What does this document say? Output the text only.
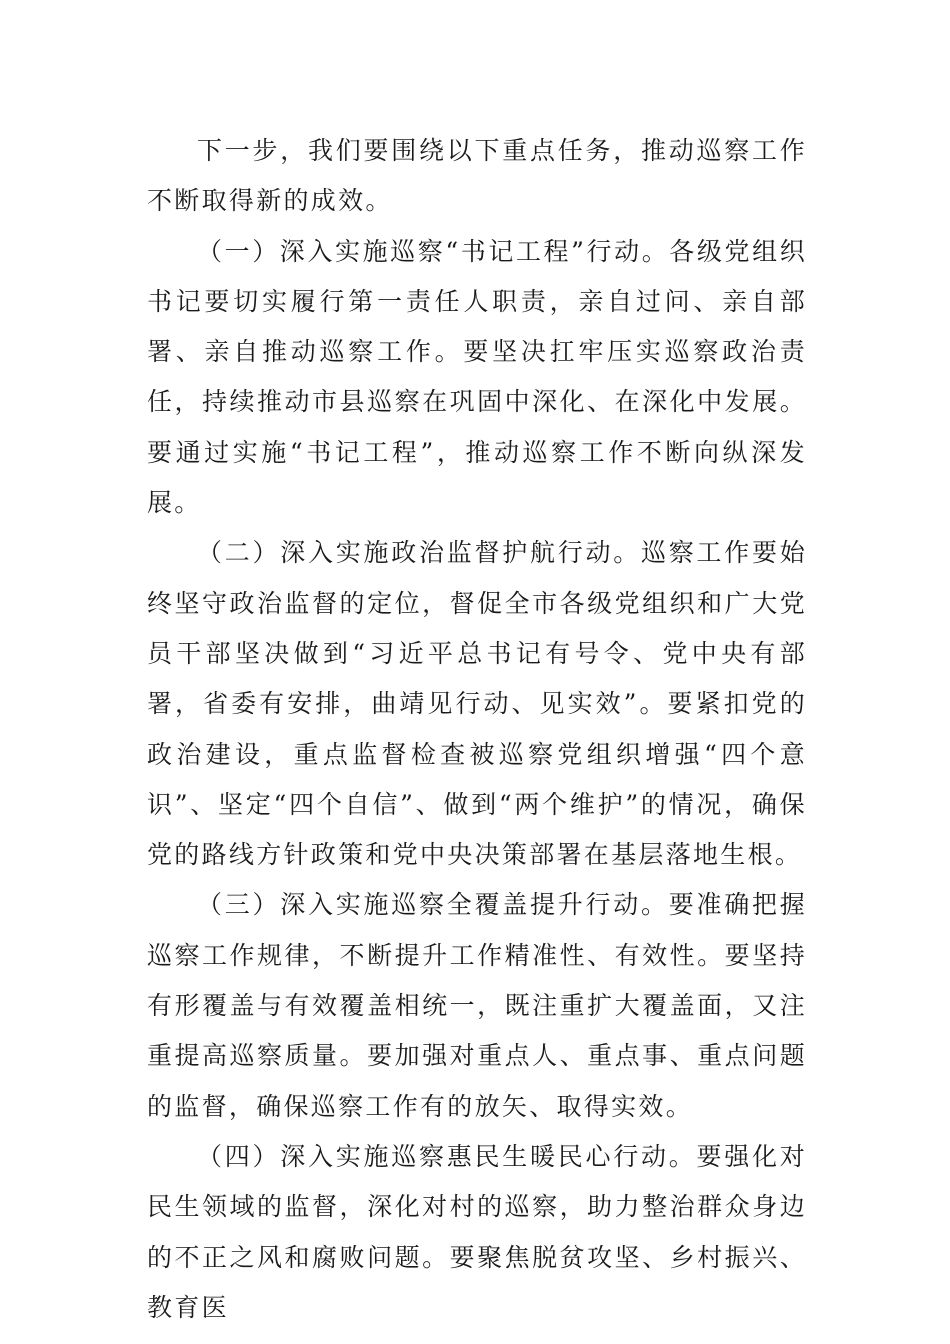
下一步，我们要围绕以下重点任务，推动巡察工作不断取得新的成效。

（一）深入实施巡察“书记工程”行动。各级党组织书记要切实履行第一责任人职责，亲自过问、亲自部署、亲自推动巡察工作。要坚决扛牢压实巡察政治责任，持续推动市县巡察在巩固中深化、在深化中发展。要通过实施“书记工程”，推动巡察工作不断向纵深发展。

（二）深入实施政治监督护航行动。巡察工作要始终坚守政治监督的定位，督促全市各级党组织和广大党员干部坚决做到“习近平总书记有号令、党中央有部署，省委有安排，曲靖见行动、见实效”。要紧扣党的政治建设，重点监督检查被巡察党组织增强“四个意识”、坚定“四个自信”、做到“两个维护”的情况，确保党的路线方针政策和党中央决策部署在基层落地生根。

（三）深入实施巡察全覆盖提升行动。要准确把握巡察工作规律，不断提升工作精准性、有效性。要坚持有形覆盖与有效覆盖相统一，既注重扩大覆盖面，又注重提高巡察质量。要加强对重点人、重点事、重点问题的监督，确保巡察工作有的放矢、取得实效。

（四）深入实施巡察惠民生暖民心行动。要强化对民生领域的监督，深化对村的巡察，助力整治群众身边的不正之风和腐败问题。要聚焦脱贫攻坚、乡村振兴、教育医
